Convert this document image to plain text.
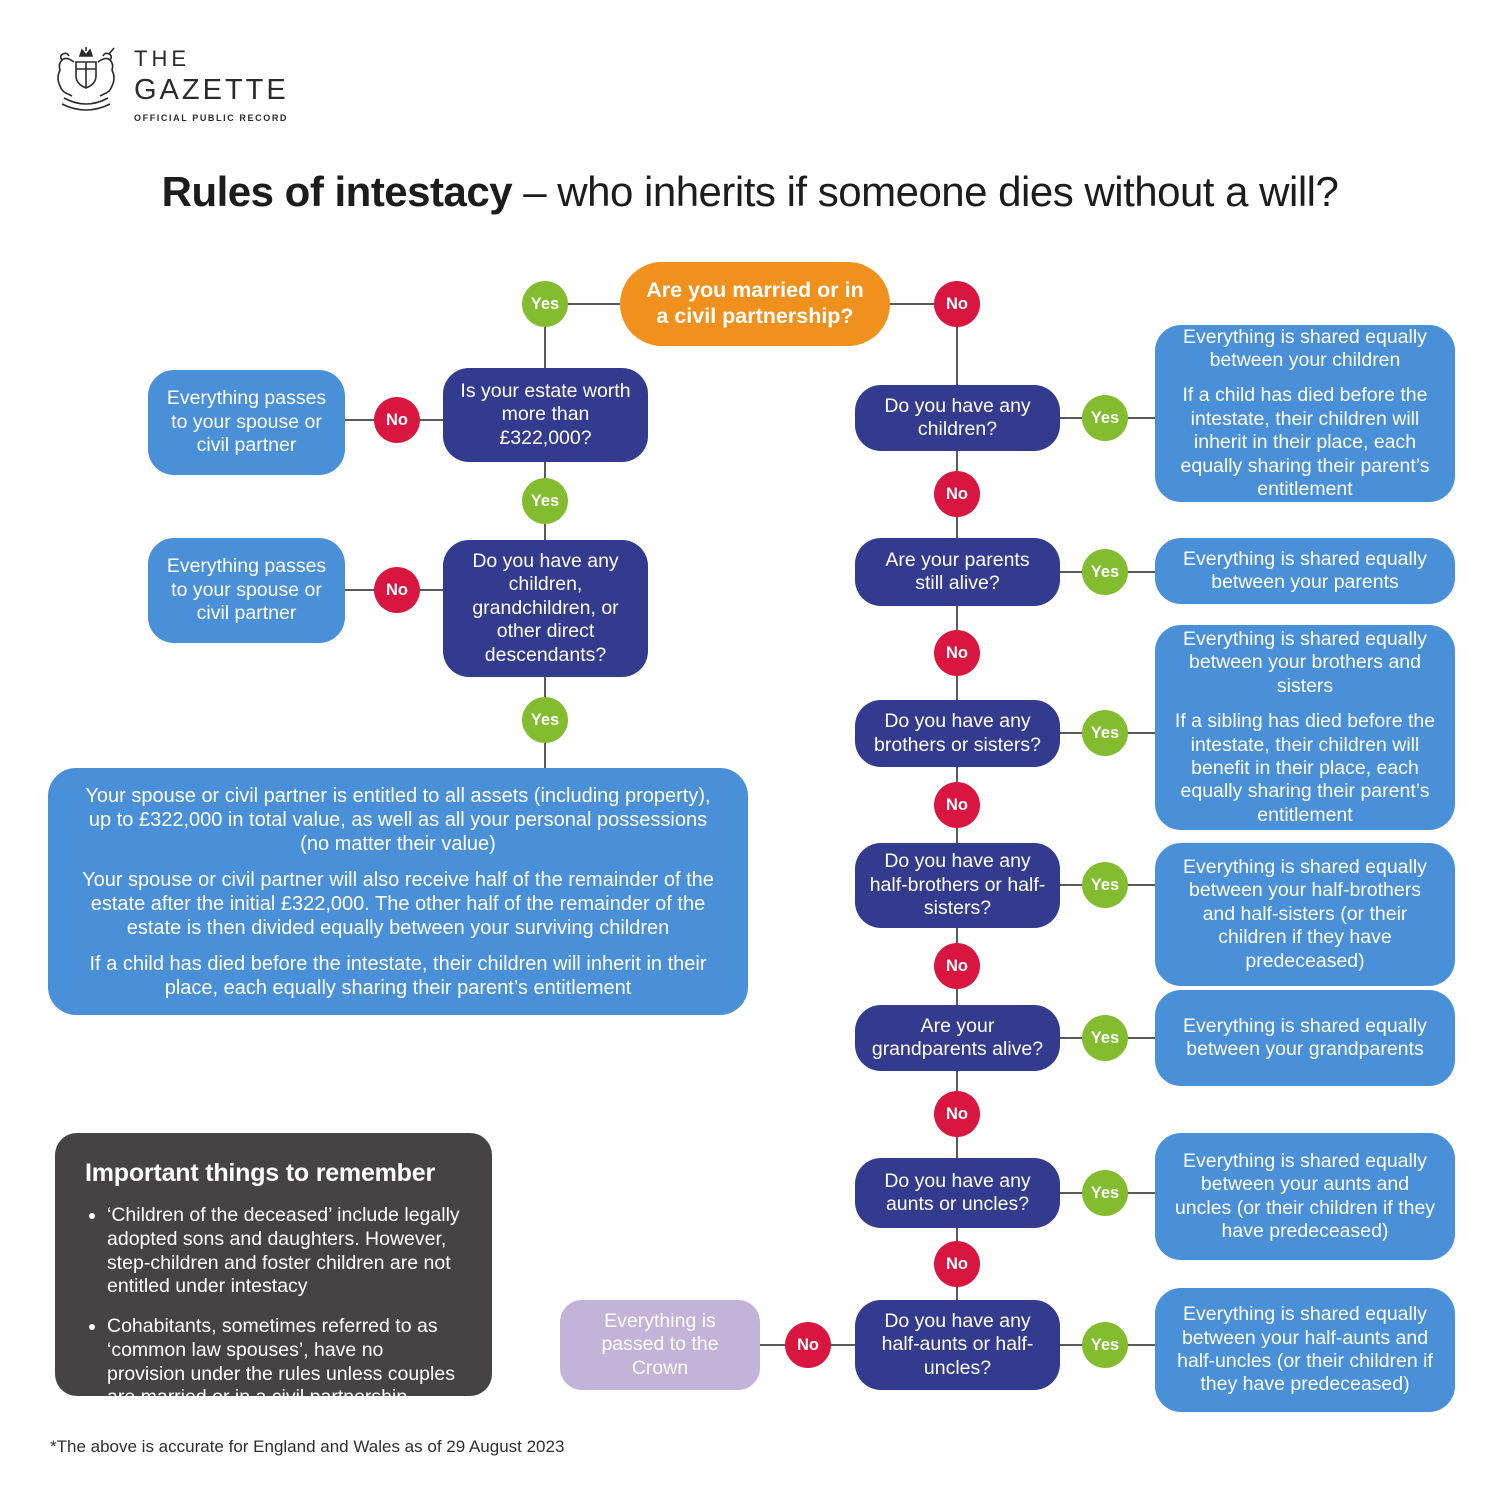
THE
GAZETTE
OFFICIAL PUBLIC RECORD
Rules of intestacy – who inherits if someone dies without a will?
Are you married or in a civil partnership?
Everything passes to your spouse or civil partner
Is your estate worth more than £322,000?
Everything passes to your spouse or civil partner
Do you have any children, grandchildren, or other direct descendants?

Your spouse or civil partner is entitled to all assets (including property), up to £322,000 in total value, as well as all your personal possessions (no matter their value)

Your spouse or civil partner will also receive half of the remainder of the estate after the initial £322,000. The other half of the remainder of the estate is then divided equally between your surviving children

If a child has died before the intestate, their children will inherit in their place, each equally sharing their parent’s entitlement

Do you have any children?
Are your parents still alive?
Do you have any brothers or sisters?
Do you have any half-brothers or half-sisters?
Are your grandparents alive?
Do you have any aunts or uncles?
Do you have any half-aunts or half-uncles?

Everything is shared equally between your children

If a child has died before the intestate, their children will inherit in their place, each equally sharing their parent’s entitlement

Everything is shared equally between your parents

Everything is shared equally between your brothers and sisters

If a sibling has died before the intestate, their children will benefit in their place, each equally sharing their parent’s entitlement

Everything is shared equally between your half-brothers and half-sisters (or their children if they have predeceased)

Everything is shared equally between your grandparents

Everything is shared equally between your aunts and uncles (or their children if they have predeceased)

Everything is shared equally between your half-aunts and half-uncles (or their children if they have predeceased)

Everything is passed to the Crown
Yes
Yes
Yes
Yes
Yes
Yes
Yes
Yes
Yes
Yes
No
No
No
No
No
No
No
No
No
No
Important things to remember
• ‘Children of the deceased’ include legally adopted sons and daughters. However, step-children and foster children are not entitled under intestacy
• Cohabitants, sometimes referred to as ‘common law spouses’, have no provision under the rules unless couples are married or in a civil partnership
*The above is accurate for England and Wales as of 29 August 2023
